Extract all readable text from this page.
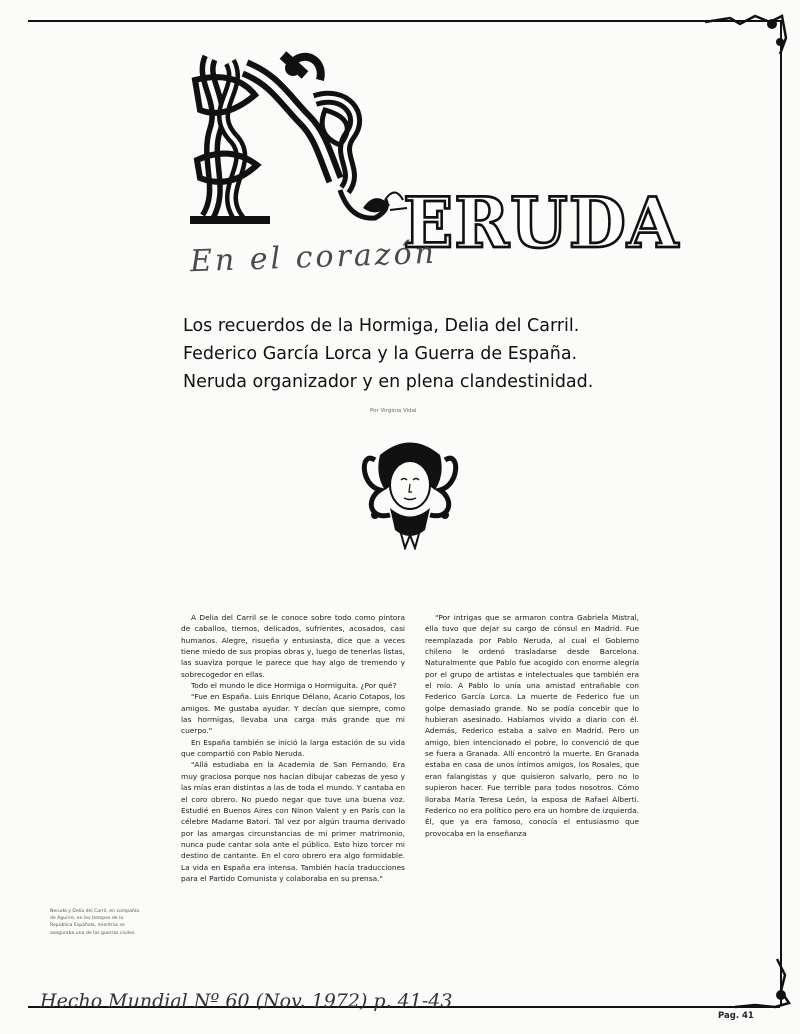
ERUDA
En el corazón
Los recuerdos de la Hormiga, Delia del Carril.
Federico García Lorca y la Guerra de España.
Neruda organizador y en plena clandestinidad.
Por Virginia Vidal

A Delia del Carril se le conoce sobre todo como pintora de caballos, tiernos, delicados, sufrientes, acosados, casi humanos. Alegre, risueña y entusiasta, dice que a veces tiene miedo de sus propias obras y, luego de tenerlas listas, las suaviza porque le parece que hay algo de tremendo y sobrecogedor en ellas.

Todo el mundo le dice Hormiga o Hormiguita. ¿Por qué?

"Fue en España. Luis Enrique Délano, Acario Cotapos, los amigos. Me gustaba ayudar. Y decían que siempre, como las hormigas, llevaba una carga más grande que mi cuerpo."

En España también se inició la larga estación de su vida que compartió con Pablo Neruda.

"Allá estudiaba en la Academia de San Fernando. Era muy graciosa porque nos hacían dibujar cabezas de yeso y las mías eran distintas a las de toda el mundo. Y cantaba en el coro obrero. No puedo negar que tuve una buena voz. Estudié en Buenos Aires con Ninon Valent y en París con la célebre Madame Batori. Tal vez por algún trauma derivado por las amargas circunstancias de mi primer matrimonio, nunca pude cantar sola ante el público. Esto hizo torcer mi destino de cantante. En el coro obrero era algo formidable. La vida en España era intensa. También hacía traducciones para el Partido Comunista y colaboraba en su prensa."

"Por intrigas que se armaron contra Gabriela Mistral, ella tuvo que dejar su cargo de cónsul en Madrid. Fue reemplazada por Pablo Neruda, al cual el Gobierno chileno le ordenó trasladarse desde Barcelona. Naturalmente que Pablo fue acogido con enorme alegría por el grupo de artistas e intelectuales que también era el mío. A Pablo lo unía una amistad entrañable con Federico García Lorca. La muerte de Federico fue un golpe demasiado grande. No se podía concebir que lo hubieran asesinado. Habíamos vivido a diario con él. Además, Federico estaba a salvo en Madrid. Pero un amigo, bien intencionado el pobre, lo convenció de que se fuera a Granada. Allí encontró la muerte. En Granada estaba en casa de unos íntimos amigos, los Rosales, que eran falangistas y que quisieron salvarlo, pero no lo supieron hacer. Fue terrible para todos nosotros. Cómo lloraba María Teresa León, la esposa de Rafael Alberti. Federico no era político pero era un hombre de izquierda. Él, que ya era famoso, conocía el entusiasmo que provocaba en la enseñanza

Neruda y Delia del Carril, en compañía de Aguirre, en los tiempos de la República Española, mientras se aseguraba una de las guerras civiles.
Hecho Mundial Nº 60 (Nov. 1972) p. 41-43
Pag. 41
